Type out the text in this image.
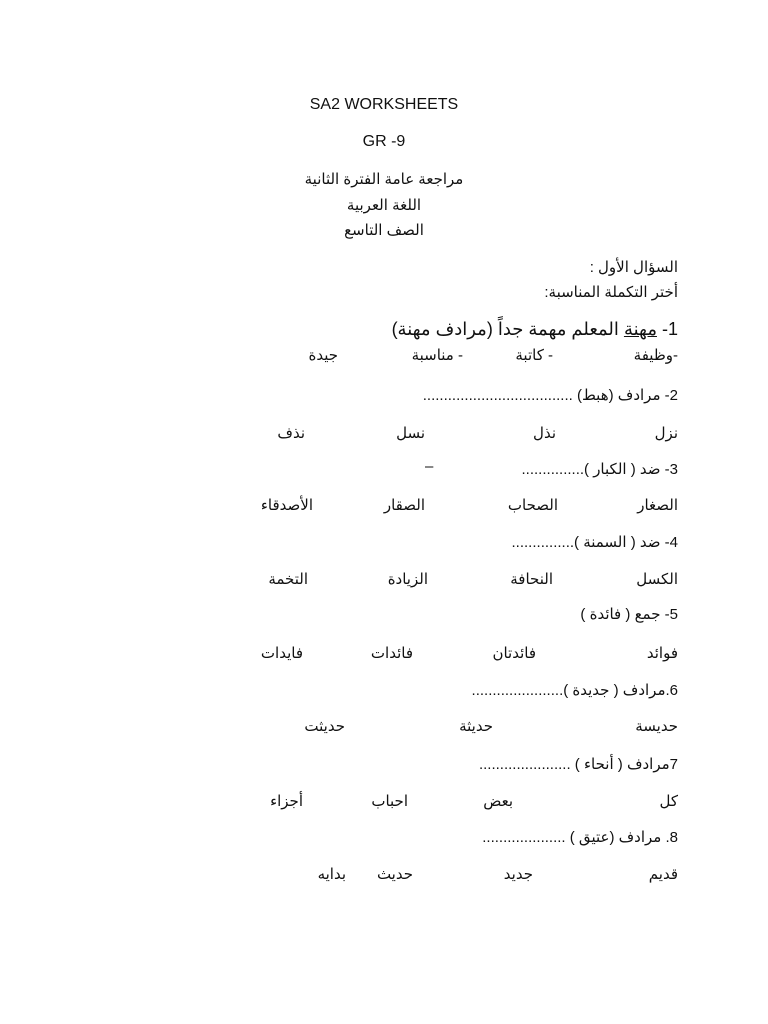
SA2 WORKSHEETS
GR -9
مراجعة عامة الفترة الثانية
اللغة العربية
الصف التاسع
السؤال الأول :
أختر التكملة المناسبة:
1- مهنة المعلم مهمة جداً (مرادف مهنة)
-وظيفة
- كاتبة
- مناسبة
جيدة
2- مرادف (هبط) ....................................
نزل
نذل
نسل
نذف
3- ضد ( الكبار )...............
–
الصغار
الصحاب
الصقار
الأصدقاء
4- ضد ( السمنة )...............
الكسل
النحافة
الزيادة
التخمة
5- جمع ( فائدة )
فوائد
فائدتان
فائدات
فايدات
6.مرادف ( جديدة )......................
حديسة
حديثة
حديثت
7مرادف ( أنحاء ) ......................
كل
بعض
احباب
أجزاء
8. مرادف (عتيق ) ....................
قديم
جديد
حديث
بدايه
